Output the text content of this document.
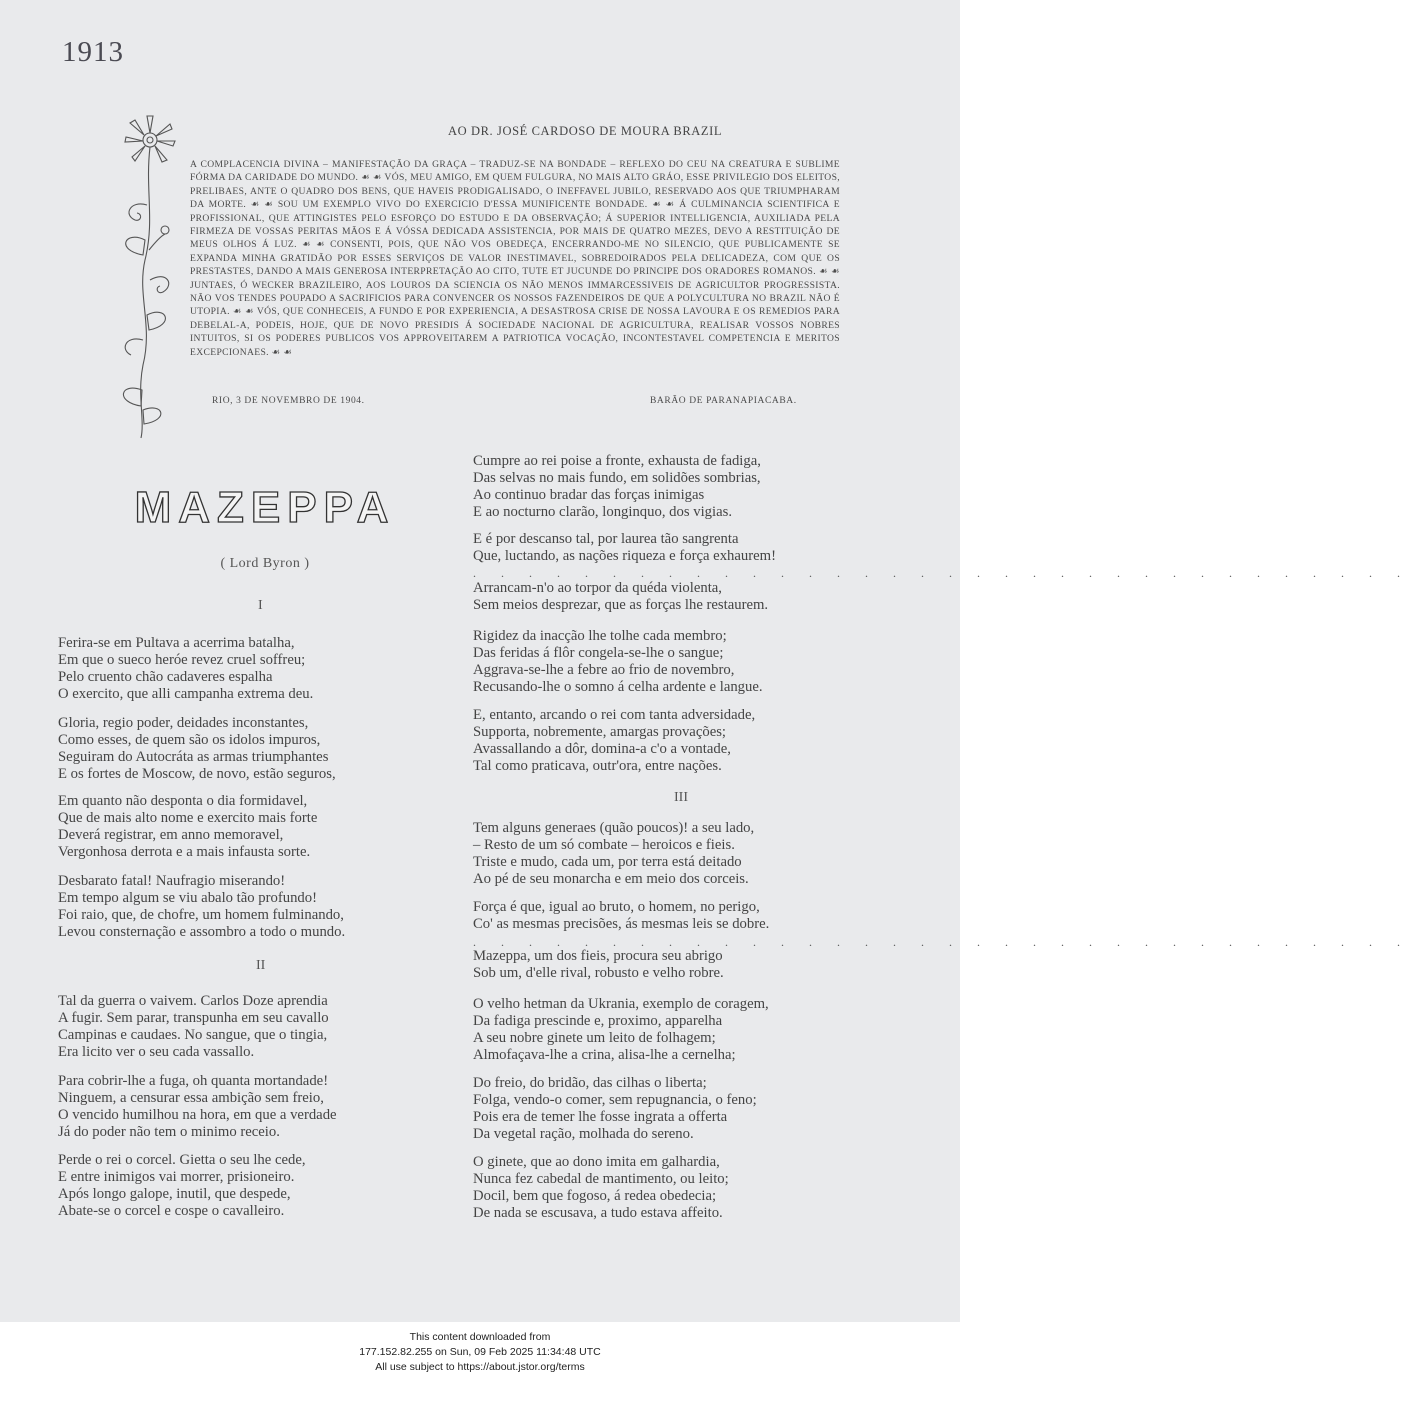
1913
AO DR. JOSÉ CARDOSO DE MOURA BRAZIL
A COMPLACENCIA DIVINA – MANIFESTAÇÃO DA GRAÇA – TRADUZ-SE NA BONDADE – REFLEXO DO CEU NA CREATURA E SUBLIME FÓRMA DA CARIDADE DO MUNDO. ☙ ☙ VÓS, MEU AMIGO, EM QUEM FULGURA, NO MAIS ALTO GRÁO, ESSE PRIVILEGIO DOS ELEITOS, PRELIBAES, ANTE O QUADRO DOS BENS, QUE HAVEIS PRODIGALISADO, O INEFFAVEL JUBILO, RESERVADO AOS QUE TRIUMPHARAM DA MORTE. ☙ ☙ SOU UM EXEMPLO VIVO DO EXERCICIO D'ESSA MUNIFICENTE BONDADE. ☙ ☙ Á CULMINANCIA SCIENTIFICA E PROFISSIONAL, QUE ATTINGISTES PELO ESFORÇO DO ESTUDO E DA OBSERVAÇÃO; Á SUPERIOR INTELLIGENCIA, AUXILIADA PELA FIRMEZA DE VOSSAS PERITAS MÃOS E Á VÓSSA DEDICADA ASSISTENCIA, POR MAIS DE QUATRO MEZES, DEVO A RESTITUIÇÃO DE MEUS OLHOS Á LUZ. ☙ ☙ CONSENTI, POIS, QUE NÃO VOS OBEDEÇA, ENCERRANDO-ME NO SILENCIO, QUE PUBLICAMENTE SE EXPANDA MINHA GRATIDÃO POR ESSES SERVIÇOS DE VALOR INESTIMAVEL, SOBREDOIRADOS PELA DELICADEZA, COM QUE OS PRESTASTES, DANDO A MAIS GENEROSA INTERPRETAÇÃO AO CITO, TUTE ET JUCUNDE DO PRINCIPE DOS ORADORES ROMANOS. ☙ ☙ JUNTAES, Ó WECKER BRAZILEIRO, AOS LOUROS DA SCIENCIA OS NÃO MENOS IMMARCESSIVEIS DE AGRICULTOR PROGRESSISTA. NÃO VOS TENDES POUPADO A SACRIFICIOS PARA CONVENCER OS NOSSOS FAZENDEIROS DE QUE A POLYCULTURA NO BRAZIL NÃO É UTOPIA. ☙ ☙ VÓS, QUE CONHECEIS, A FUNDO E POR EXPERIENCIA, A DESASTROSA CRISE DE NOSSA LAVOURA E OS REMEDIOS PARA DEBELAL-A, PODEIS, HOJE, QUE DE NOVO PRESIDIS Á SOCIEDADE NACIONAL DE AGRICULTURA, REALISAR VOSSOS NOBRES INTUITOS, SI OS PODERES PUBLICOS VOS APPROVEITAREM A PATRIOTICA VOCAÇÃO, INCONTESTAVEL COMPETENCIA E MERITOS EXCEPCIONAES. ☙ ☙
RIO, 3 DE NOVEMBRO DE 1904.	BARÃO DE PARANAPIACABA.
MAZEPPA
( Lord Byron )
I
II
III
Ferira-se em Pultava a acerrima batalha,
Em que o sueco heróe revez cruel soffreu;
Pelo cruento chão cadaveres espalha
O exercito, que alli campanha extrema deu.
Gloria, regio poder, deidades inconstantes,
Como esses, de quem são os idolos impuros,
Seguiram do Autocráta as armas triumphantes
E os fortes de Moscow, de novo, estão seguros,
Em quanto não desponta o dia formidavel,
Que de mais alto nome e exercito mais forte
Deverá registrar, em anno memoravel,
Vergonhosa derrota e a mais infausta sorte.
Desbarato fatal! Naufragio miserando!
Em tempo algum se viu abalo tão profundo!
Foi raio, que, de chofre, um homem fulminando,
Levou consternação e assombro a todo o mundo.
Tal da guerra o vaivem. Carlos Doze aprendia
A fugir. Sem parar, transpunha em seu cavallo
Campinas e caudaes. No sangue, que o tingia,
Era licito ver o seu cada vassallo.
Para cobrir-lhe a fuga, oh quanta mortandade!
Ninguem, a censurar essa ambição sem freio,
O vencido humilhou na hora, em que a verdade
Já do poder não tem o minimo receio.
Perde o rei o corcel. Gietta o seu lhe cede,
E entre inimigos vai morrer, prisioneiro.
Após longo galope, inutil, que despede,
Abate-se o corcel e cospe o cavalleiro.
Cumpre ao rei poise a fronte, exhausta de fadiga,
Das selvas no mais fundo, em solidões sombrias,
Ao continuo bradar das forças inimigas
E ao nocturno clarão, longinquo, dos vigias.
E é por descanso tal, por laurea tão sangrenta
Que, luctando, as nações riqueza e força exhaurem!
. . . . . . . . . . . . . . . . . . . . . . . . . . . . . . . . . .
Arrancam-n'o ao torpor da quéda violenta,
Sem meios desprezar, que as forças lhe restaurem.
Rigidez da inacção lhe tolhe cada membro;
Das feridas á flôr congela-se-lhe o sangue;
Aggrava-se-lhe a febre ao frio de novembro,
Recusando-lhe o somno á celha ardente e langue.
E, entanto, arcando o rei com tanta adversidade,
Supporta, nobremente, amargas provações;
Avassallando a dôr, domina-a c'o a vontade,
Tal como praticava, outr'ora, entre nações.
Tem alguns generaes (quão poucos)! a seu lado,
– Resto de um só combate – heroicos e fieis.
Triste e mudo, cada um, por terra está deitado
Ao pé de seu monarcha e em meio dos corceis.
Força é que, igual ao bruto, o homem, no perigo,
Co' as mesmas precisões, ás mesmas leis se dobre.
. . . . . . . . . . . . . . . . . . . . . . . . . . . . . . . . . .
Mazeppa, um dos fieis, procura seu abrigo
Sob um, d'elle rival, robusto e velho robre.
O velho hetman da Ukrania, exemplo de coragem,
Da fadiga prescinde e, proximo, apparelha
A seu nobre ginete um leito de folhagem;
Almofaçava-lhe a crina, alisa-lhe a cernelha;
Do freio, do bridão, das cilhas o liberta;
Folga, vendo-o comer, sem repugnancia, o feno;
Pois era de temer lhe fosse ingrata a offerta
Da vegetal ração, molhada do sereno.
O ginete, que ao dono imita em galhardia,
Nunca fez cabedal de mantimento, ou leito;
Docil, bem que fogoso, á redea obedecia;
De nada se escusava, a tudo estava affeito.
This content downloaded from
177.152.82.255 on Sun, 09 Feb 2025 11:34:48 UTC
All use subject to https://about.jstor.org/terms
